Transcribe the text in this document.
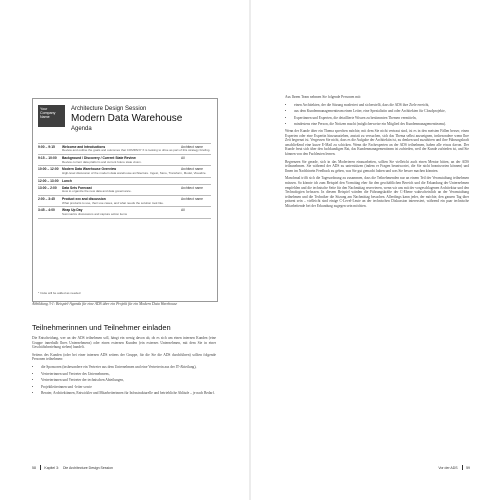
Your Company Name
Architecture Design Session
Modern Data Warehouse
Agenda
9:00 – 9:15	Welcome and Introductions	Architect name
Review and outline the goals and outcomes that COMPANY X is looking to drive as part of this strategy briefing.
9:15 – 10:00	Background / Discovery / Current State Review	All
Review current data platform and current future state vision.
10:00 – 12:00	Modern Data Warehouse Overview	Architect name
High-level discussion of the modern data warehouse architecture. Ingest, Store, Transform, Model, Visualize.
12:00 – 13:00	Lunch
13:00 – 2:00	Data Sets Forecast	Architect name
How to organize the new data and data governance.
2:00 – 3:45	Product xxx and discussion	Architect name
What products to use, their use cases, and what needs the solution look like.
3:45 – 4:00	Wrap Up Day	All
Summarize discussions and capture action items
* Invite will be added as needed
Abbildung 3-1: Beispiel-Agenda für eine ADS über ein Projekt für ein Modern Data Warehouse
Teilnehmerinnen und Teilnehmer einladen

Die Entscheidung, wer an der ADS teilnehmen soll, hängt ein wenig davon ab, ob es sich um einen internen Kunden (eine Gruppe innerhalb Ihres Unternehmens) oder einen externen Kunden (ein externes Unternehmen, mit dem Sie in einer Geschäftsbeziehung stehen) handelt.

Seitens des Kunden (oder bei einer internen ADS seitens der Gruppe, für die Sie die ADS durchführen) sollten folgende Personen teilnehmen:

• die Sponsoren (insbesondere ein Vertreter aus dem Unternehmen und eine Vertreterin aus der IT-Abteilung),
• Vertreterinnen und Vertreter des Unternehmens,
• Vertreterinnen und Vertreter der technischen Abteilungen,
• Projektleiterinnen und -leiter sowie
• Berater, Architektinnen, Entwickler und Mitarbeiterinnen für Infrastrukturelle und betriebliche Abläufe – je nach Bedarf.
58 Kapitel 3: Die Architecture Design Session

Aus Ihrem Team nehmen Sie folgende Personen mit:

• einen Architekten, der die Sitzung moderiert und sicherstellt, dass die ADS ihre Ziele erreicht,
• aus dem Kundenmanagementteam einen Leiter, eine Spezialistin und oder Architekten für Cloudprojekte,
• Expertinnen und Experten, die detaillierte Wissen zu bestimmten Themen vermitteln,
• mindestens eine Person, die Notizen macht (möglicherweise ein Mitglied des Kundenmanagementteams).

Wenn der Kunde über ein Thema sprechen möchte, mit dem Sie nicht vertraut sind, ist es in den meisten Fällen besser, einen Experten oder eine Expertin hinzuzuziehen, anstatt zu versuchen, sich das Thema selbst anzueignen, insbesondere wenn Ihre Zeit begrenzt ist. Vergessen Sie nicht, dass es die Aufgabe der Architektin ist, zu denken und zuzuhören und ihre Führungskraft anschließend eine kurze E-Mail zu schicken. Wenn die Fachexperten an der ADS teilnehmen, haben alle etwas davon. Der Kunde freut sich über den fachkundigen Rat, das Kundenmanagementteam ist zufrieden, weil der Kunde zufrieden ist, und Sie können von den Fachleuten lernen.

Begrenzen Sie gerade, sich in das Moderieren einzuarbeiten, sollten Sie vielleicht auch einen Mentor bitten, an der ADS teilzunehmen. Sie während der ADS zu unterstützen (indem er Fragen beantwortet, die Sie nicht beantworten können) und Ihnen im Nachhinein Feedback zu geben, was Sie gut gemacht haben und was Sie besser machen könnten.

Manchmal trifft sich die Tagesordnung zu zusammen, dass die Teilnehmenden nur an einem Teil der Veranstaltung teilnehmen müssen. So könnte ich zum Beispiel den Vormittag eher für den geschäftlichen Bereich und die Erkundung der Unternehmen empfehlen und die technische Seite für den Nachmittag reservieren, wenn wir uns mit der vorgeschlagenen Architektur und den Technologien befassen. In diesem Beispiel würden die Führungskräfte der C-Ebene wahrscheinlich an der Veranstaltung teilnehmen und die Techniker die Sitzung am Nachmittag besuchen. Allerdings kann jeder, der möchte, den ganzen Tag über präsent sein – vielleicht sind einige C-Level-Leute an der technischen Diskussion interessiert, während ein paar technische Mitarbeitende bei der Erkundung zugegen sein möchten.

Vor der ADS 59
